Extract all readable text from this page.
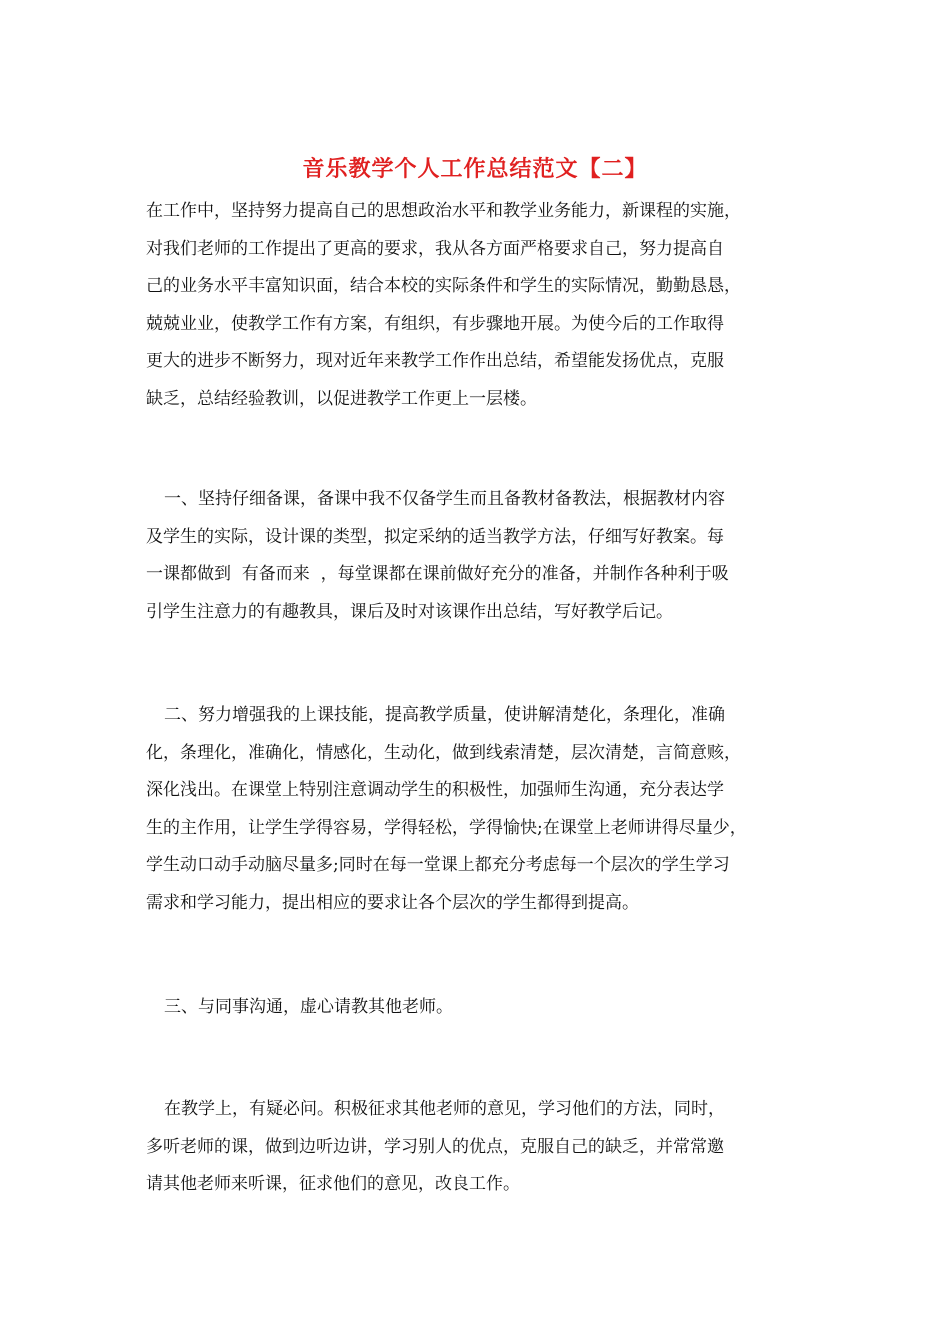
音乐教学个人工作总结范文【二】
在工作中，坚持努力提高自己的思想政治水平和教学业务能力，新课程的实施，
对我们老师的工作提出了更高的要求，我从各方面严格要求自己，努力提高自
己的业务水平丰富知识面，结合本校的实际条件和学生的实际情况，勤勤恳恳，
兢兢业业，使教学工作有方案，有组织，有步骤地开展。为使今后的工作取得
更大的进步不断努力，现对近年来教学工作作出总结，希望能发扬优点，克服
缺乏，总结经验教训，以促进教学工作更上一层楼。
一、坚持仔细备课，备课中我不仅备学生而且备教材备教法，根据教材内容
及学生的实际，设计课的类型，拟定采纳的适当教学方法，仔细写好教案。每
一课都做到  有备而来  ，每堂课都在课前做好充分的准备，并制作各种利于吸
引学生注意力的有趣教具，课后及时对该课作出总结，写好教学后记。
二、努力增强我的上课技能，提高教学质量，使讲解清楚化，条理化，准确
化，条理化，准确化，情感化，生动化，做到线索清楚，层次清楚，言简意赅，
深化浅出。在课堂上特别注意调动学生的积极性，加强师生沟通，充分表达学
生的主作用，让学生学得容易，学得轻松，学得愉快;在课堂上老师讲得尽量少，
学生动口动手动脑尽量多;同时在每一堂课上都充分考虑每一个层次的学生学习
需求和学习能力，提出相应的要求让各个层次的学生都得到提高。
三、与同事沟通，虚心请教其他老师。
在教学上，有疑必问。积极征求其他老师的意见，学习他们的方法，同时，
多听老师的课，做到边听边讲，学习别人的优点，克服自己的缺乏，并常常邀
请其他老师来听课，征求他们的意见，改良工作。
